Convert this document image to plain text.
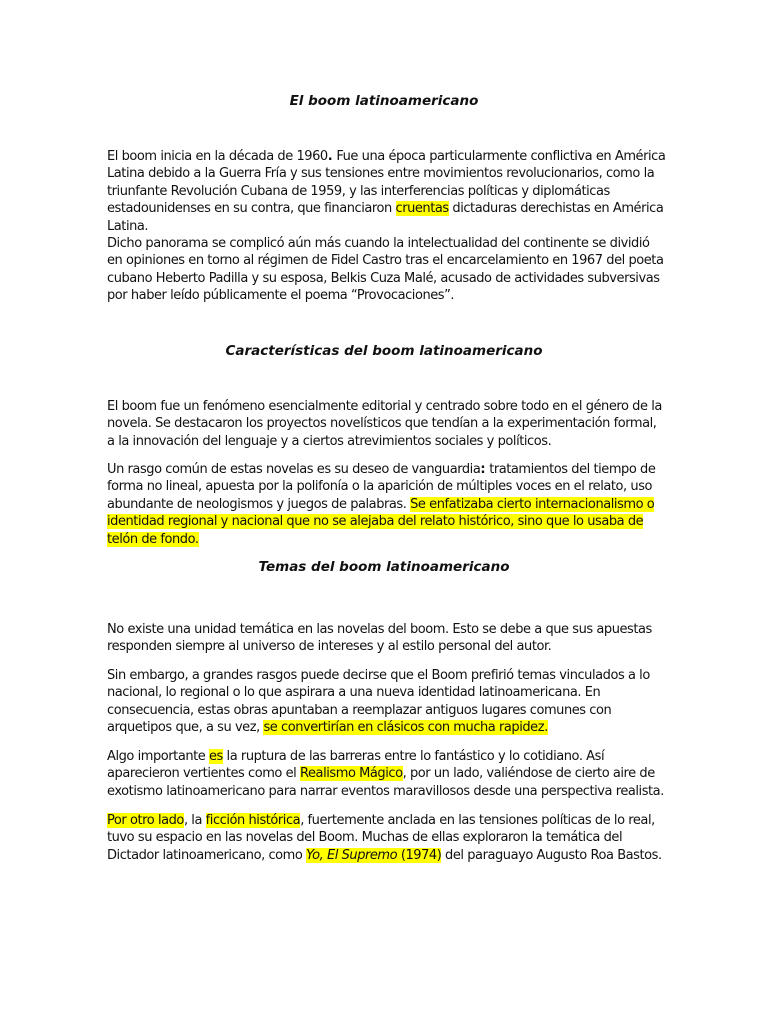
El boom latinoamericano

El boom inicia en la década de 1960. Fue una época particularmente conflictiva en América Latina debido a la Guerra Fría y sus tensiones entre movimientos revolucionarios, como la triunfante Revolución Cubana de 1959, y las interferencias políticas y diplomáticas estadounidenses en su contra, que financiaron cruentas dictaduras derechistas en América Latina.
Dicho panorama se complicó aún más cuando la intelectualidad del continente se dividió en opiniones en torno al régimen de Fidel Castro tras el encarcelamiento en 1967 del poeta cubano Heberto Padilla y su esposa, Belkis Cuza Malé, acusado de actividades subversivas por haber leído públicamente el poema “Provocaciones”.

Características del boom latinoamericano

El boom fue un fenómeno esencialmente editorial y centrado sobre todo en el género de la novela. Se destacaron los proyectos novelísticos que tendían a la experimentación formal, a la innovación del lenguaje y a ciertos atrevimientos sociales y políticos.

Un rasgo común de estas novelas es su deseo de vanguardia: tratamientos del tiempo de forma no lineal, apuesta por la polifonía o la aparición de múltiples voces en el relato, uso abundante de neologismos y juegos de palabras. Se enfatizaba cierto internacionalismo o identidad regional y nacional que no se alejaba del relato histórico, sino que lo usaba de telón de fondo.

Temas del boom latinoamericano

No existe una unidad temática en las novelas del boom. Esto se debe a que sus apuestas responden siempre al universo de intereses y al estilo personal del autor.

Sin embargo, a grandes rasgos puede decirse que el Boom prefirió temas vinculados a lo nacional, lo regional o lo que aspirara a una nueva identidad latinoamericana. En consecuencia, estas obras apuntaban a reemplazar antiguos lugares comunes con arquetipos que, a su vez, se convertirían en clásicos con mucha rapidez.

Algo importante es la ruptura de las barreras entre lo fantástico y lo cotidiano. Así aparecieron vertientes como el Realismo Mágico, por un lado, valiéndose de cierto aire de exotismo latinoamericano para narrar eventos maravillosos desde una perspectiva realista.

Por otro lado, la ficción histórica, fuertemente anclada en las tensiones políticas de lo real, tuvo su espacio en las novelas del Boom. Muchas de ellas exploraron la temática del Dictador latinoamericano, como Yo, El Supremo (1974) del paraguayo Augusto Roa Bastos.
